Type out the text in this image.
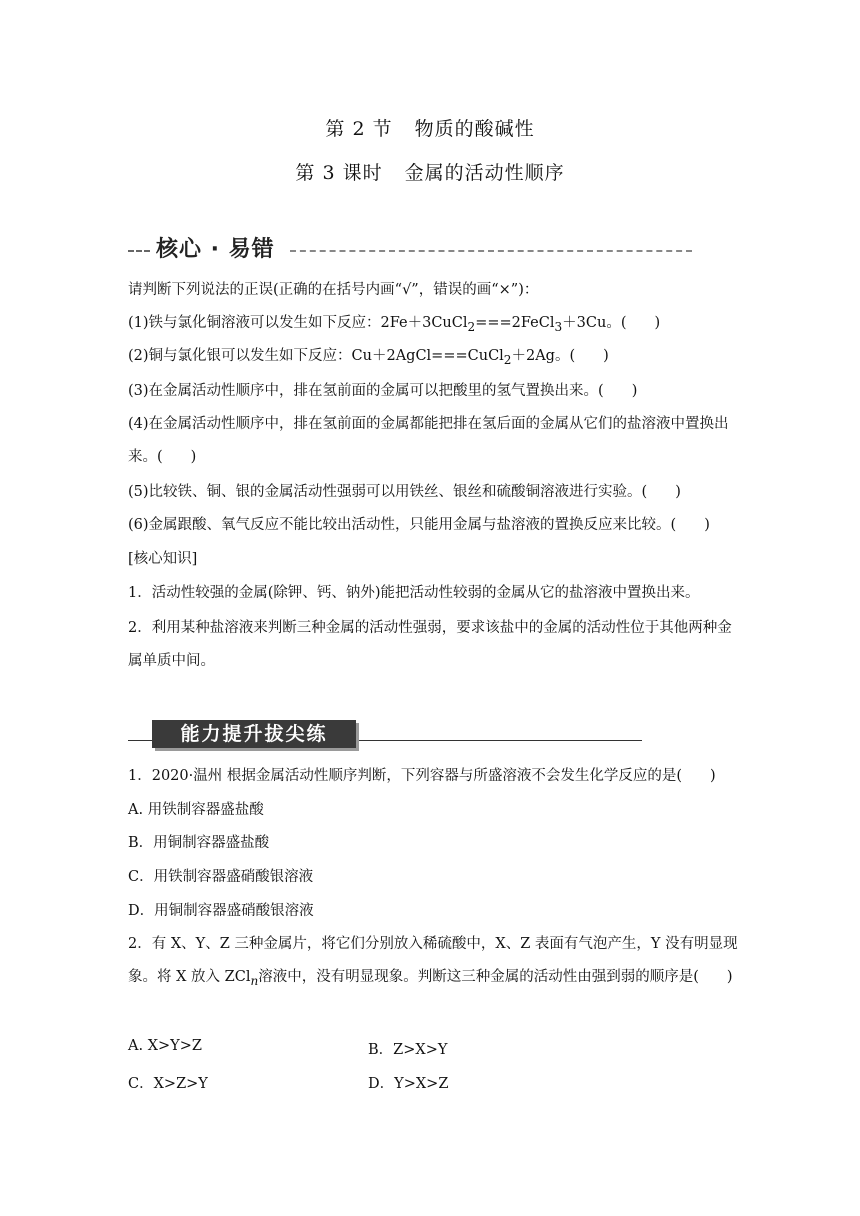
第 2 节 物质的酸碱性
第 3 课时 金属的活动性顺序
核心 · 易错
请判断下列说法的正误(正确的在括号内画“√”，错误的画“×”)：
(1)铁与氯化铜溶液可以发生如下反应：2Fe＋3CuCl$_2$===2FeCl$_3$＋3Cu。( )
(2)铜与氯化银可以发生如下反应：Cu＋2AgCl===CuCl$_2$＋2Ag。( )
(3)在金属活动性顺序中，排在氢前面的金属可以把酸里的氢气置换出来。( )
(4)在金属活动性顺序中，排在氢前面的金属都能把排在氢后面的金属从它们的盐溶液中置换出来。( )
(5)比较铁、铜、银的金属活动性强弱可以用铁丝、银丝和硫酸铜溶液进行实验。( )
(6)金属跟酸、氧气反应不能比较出活动性，只能用金属与盐溶液的置换反应来比较。( )
[核心知识]
1．活动性较强的金属(除钾、钙、钠外)能把活动性较弱的金属从它的盐溶液中置换出来。
2．利用某种盐溶液来判断三种金属的活动性强弱，要求该盐中的金属的活动性位于其他两种金属单质中间。
能力提升拔尖练
1．2020·温州 根据金属活动性顺序判断，下列容器与所盛溶液不会发生化学反应的是( )
A. 用铁制容器盛盐酸
B．用铜制容器盛盐酸
C．用铁制容器盛硝酸银溶液
D．用铜制容器盛硝酸银溶液
2．有 X、Y、Z 三种金属片，将它们分别放入稀硫酸中，X、Z 表面有气泡产生，Y 没有明显现象。将 X 放入 ZCl$_n$溶液中，没有明显现象。判断这三种金属的活动性由强到弱的顺序是( )
A. X>Y>Z	B．Z>X>Y
C．X>Z>Y	D．Y>X>Z
